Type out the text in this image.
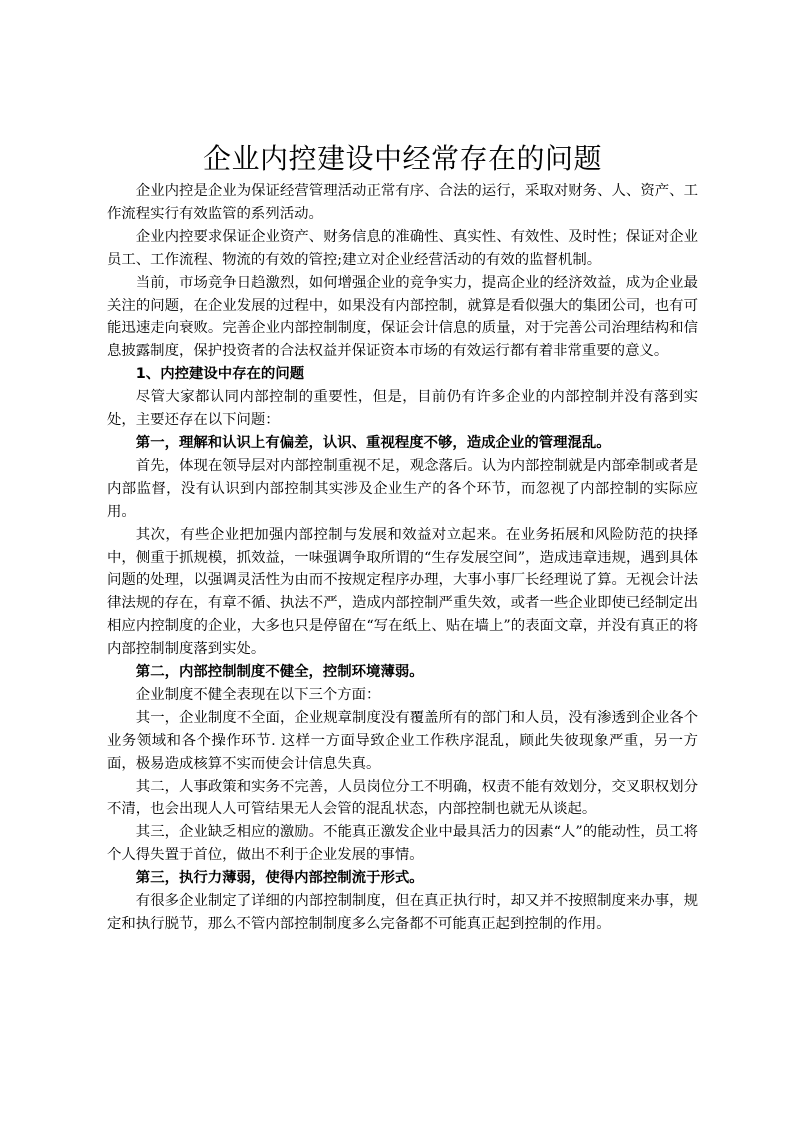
企业内控建设中经常存在的问题

企业内控是企业为保证经营管理活动正常有序、合法的运行，采取对财务、人、资产、工作流程实行有效监管的系列活动。

企业内控要求保证企业资产、财务信息的准确性、真实性、有效性、及时性；保证对企业员工、工作流程、物流的有效的管控;建立对企业经营活动的有效的监督机制。

当前，市场竞争日趋激烈，如何增强企业的竞争实力，提高企业的经济效益，成为企业最关注的问题，在企业发展的过程中，如果没有内部控制，就算是看似强大的集团公司，也有可能迅速走向衰败。完善企业内部控制制度，保证会计信息的质量，对于完善公司治理结构和信息披露制度，保护投资者的合法权益并保证资本市场的有效运行都有着非常重要的意义。

1、内控建设中存在的问题

尽管大家都认同内部控制的重要性，但是，目前仍有许多企业的内部控制并没有落到实处，主要还存在以下问题：

第一，理解和认识上有偏差，认识、重视程度不够，造成企业的管理混乱。

首先，体现在领导层对内部控制重视不足，观念落后。认为内部控制就是内部牵制或者是内部监督，没有认识到内部控制其实涉及企业生产的各个环节，而忽视了内部控制的实际应用。

其次，有些企业把加强内部控制与发展和效益对立起来。在业务拓展和风险防范的抉择中，侧重于抓规模，抓效益，一味强调争取所谓的“生存发展空间”，造成违章违规，遇到具体问题的处理，以强调灵活性为由而不按规定程序办理，大事小事厂长经理说了算。无视会计法律法规的存在，有章不循、执法不严，造成内部控制严重失效，或者一些企业即使已经制定出相应内控制度的企业，大多也只是停留在“写在纸上、贴在墙上”的表面文章，并没有真正的将内部控制制度落到实处。

第二，内部控制制度不健全，控制环境薄弱。

企业制度不健全表现在以下三个方面：

其一，企业制度不全面，企业规章制度没有覆盖所有的部门和人员，没有渗透到企业各个业务领域和各个操作环节. 这样一方面导致企业工作秩序混乱，顾此失彼现象严重，另一方面，极易造成核算不实而使会计信息失真。

其二，人事政策和实务不完善，人员岗位分工不明确，权责不能有效划分，交叉职权划分不清，也会出现人人可管结果无人会管的混乱状态，内部控制也就无从谈起。

其三，企业缺乏相应的激励。不能真正激发企业中最具活力的因素“人”的能动性，员工将个人得失置于首位，做出不利于企业发展的事情。

第三，执行力薄弱，使得内部控制流于形式。

有很多企业制定了详细的内部控制制度，但在真正执行时，却又并不按照制度来办事，规定和执行脱节，那么不管内部控制制度多么完备都不可能真正起到控制的作用。
